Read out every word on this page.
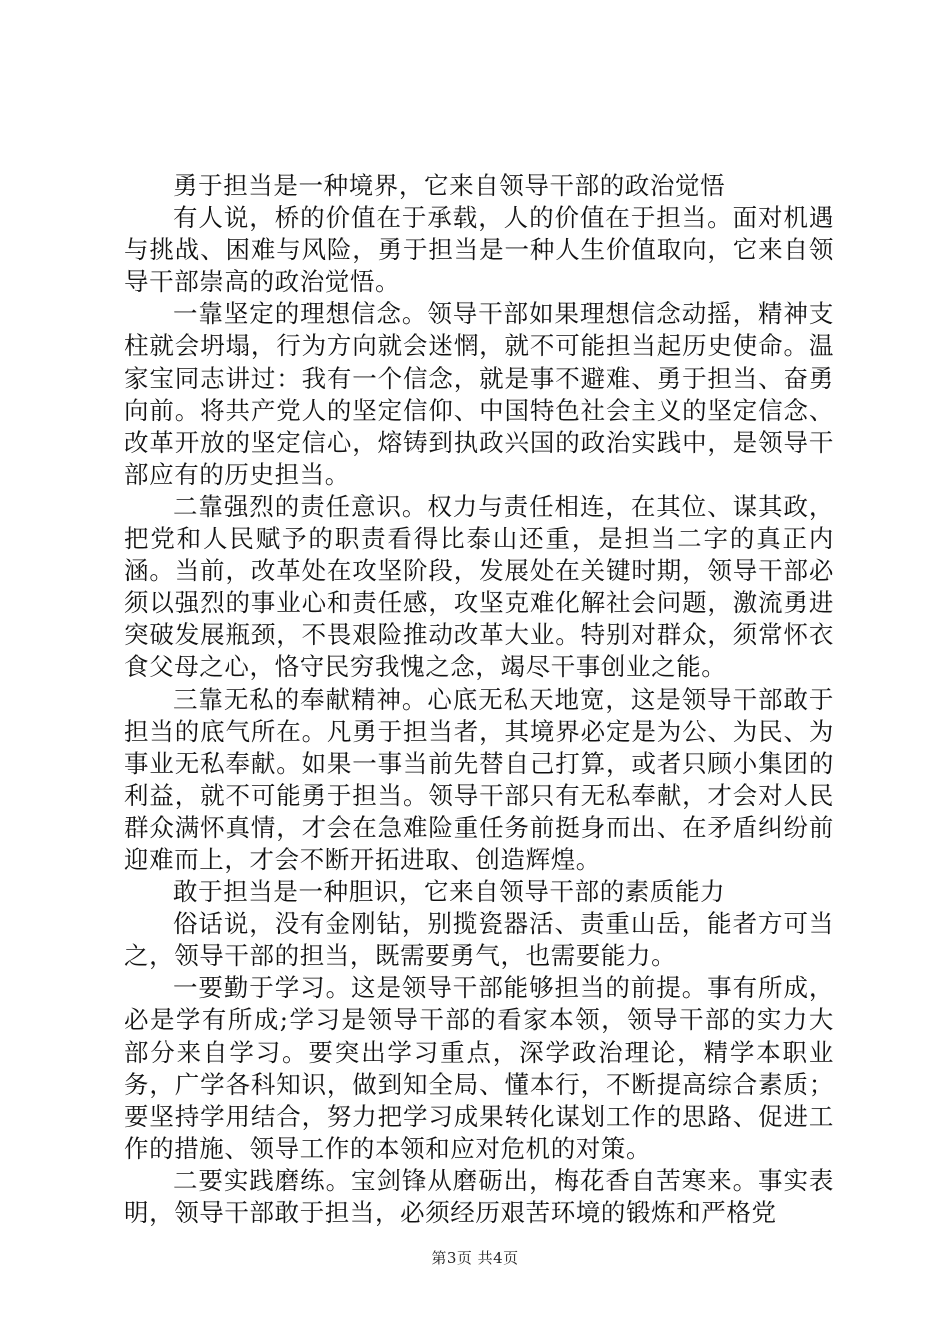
勇于担当是一种境界，它来自领导干部的政治觉悟

有人说，桥的价值在于承载，人的价值在于担当。面对机遇与挑战、困难与风险，勇于担当是一种人生价值取向，它来自领导干部崇高的政治觉悟。

一靠坚定的理想信念。领导干部如果理想信念动摇，精神支柱就会坍塌，行为方向就会迷惘，就不可能担当起历史使命。温家宝同志讲过：我有一个信念，就是事不避难、勇于担当、奋勇向前。将共产党人的坚定信仰、中国特色社会主义的坚定信念、改革开放的坚定信心，熔铸到执政兴国的政治实践中，是领导干部应有的历史担当。

二靠强烈的责任意识。权力与责任相连，在其位、谋其政，把党和人民赋予的职责看得比泰山还重，是担当二字的真正内涵。当前，改革处在攻坚阶段，发展处在关键时期，领导干部必须以强烈的事业心和责任感，攻坚克难化解社会问题，激流勇进突破发展瓶颈，不畏艰险推动改革大业。特别对群众，须常怀衣食父母之心，恪守民穷我愧之念，竭尽干事创业之能。

三靠无私的奉献精神。心底无私天地宽，这是领导干部敢于担当的底气所在。凡勇于担当者，其境界必定是为公、为民、为事业无私奉献。如果一事当前先替自己打算，或者只顾小集团的利益，就不可能勇于担当。领导干部只有无私奉献，才会对人民群众满怀真情，才会在急难险重任务前挺身而出、在矛盾纠纷前迎难而上，才会不断开拓进取、创造辉煌。

敢于担当是一种胆识，它来自领导干部的素质能力

俗话说，没有金刚钻，别揽瓷器活、责重山岳，能者方可当之，领导干部的担当，既需要勇气，也需要能力。

一要勤于学习。这是领导干部能够担当的前提。事有所成，必是学有所成;学习是领导干部的看家本领，领导干部的实力大部分来自学习。要突出学习重点，深学政治理论，精学本职业务，广学各科知识，做到知全局、懂本行，不断提高综合素质；要坚持学用结合，努力把学习成果转化谋划工作的思路、促进工作的措施、领导工作的本领和应对危机的对策。

二要实践磨练。宝剑锋从磨砺出，梅花香自苦寒来。事实表明，领导干部敢于担当，必须经历艰苦环境的锻炼和严格党

第3页 共4页
